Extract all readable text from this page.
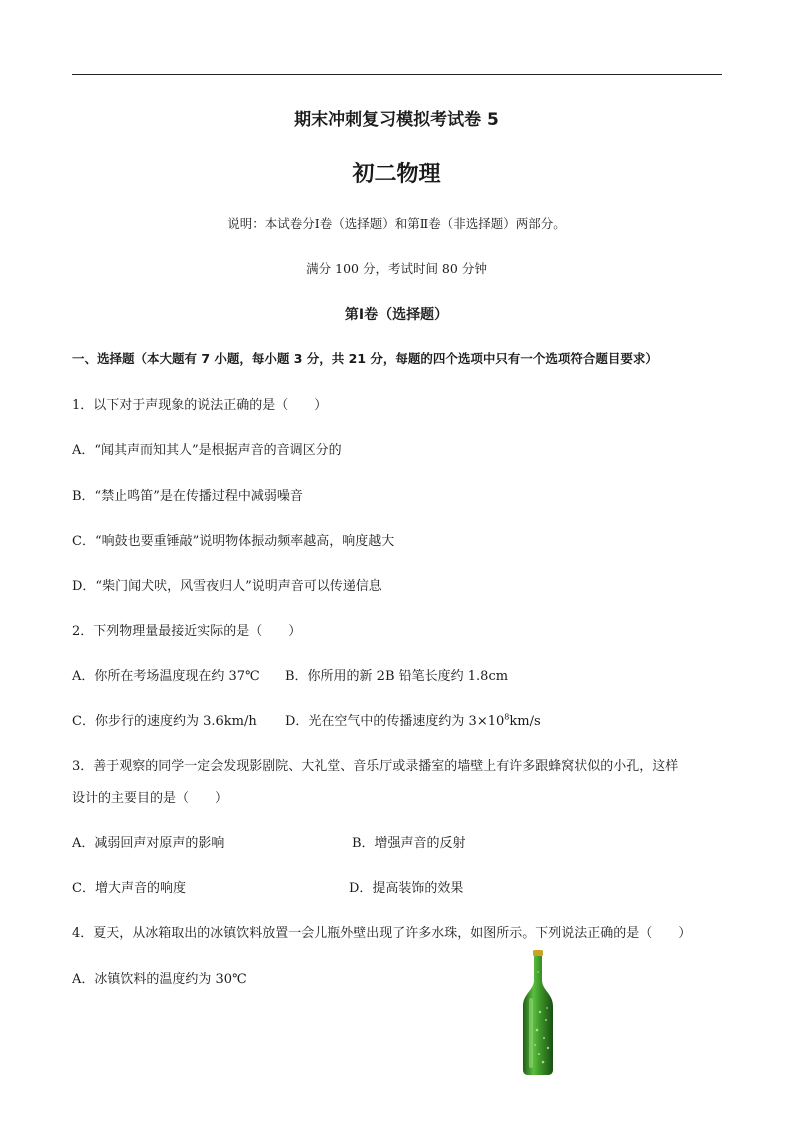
期末冲刺复习模拟考试卷 5
初二物理
说明：本试卷分Ⅰ卷（选择题）和第Ⅱ卷（非选择题）两部分。
满分 100 分，考试时间 80 分钟
第Ⅰ卷（选择题）
一、选择题（本大题有 7 小题，每小题 3 分，共 21 分，每题的四个选项中只有一个选项符合题目要求）
1．以下对于声现象的说法正确的是（　　）
A．“闻其声而知其人”是根据声音的音调区分的
B．“禁止鸣笛”是在传播过程中减弱噪音
C．“响鼓也要重锤敲”说明物体振动频率越高，响度越大
D．“柴门闻犬吠，风雪夜归人”说明声音可以传递信息
2．下列物理量最接近实际的是（　　）
A．你所在考场温度现在约 37℃ B．你所用的新 2B 铅笔长度约 1.8cm
C．你步行的速度约为 3.6km/h D．光在空气中的传播速度约为 $3\times 10^8km/s$
3．善于观察的同学一定会发现影剧院、大礼堂、音乐厅或录播室的墙壁上有许多跟蜂窝状似的小孔，这样
设计的主要目的是（　　）
A．减弱回声对原声的影响	B．增强声音的反射
C．增大声音的响度	D．提高装饰的效果
4．夏天，从冰箱取出的冰镇饮料放置一会儿瓶外壁出现了许多水珠，如图所示。下列说法正确的是（　　）
A．冰镇饮料的温度约为 30℃
